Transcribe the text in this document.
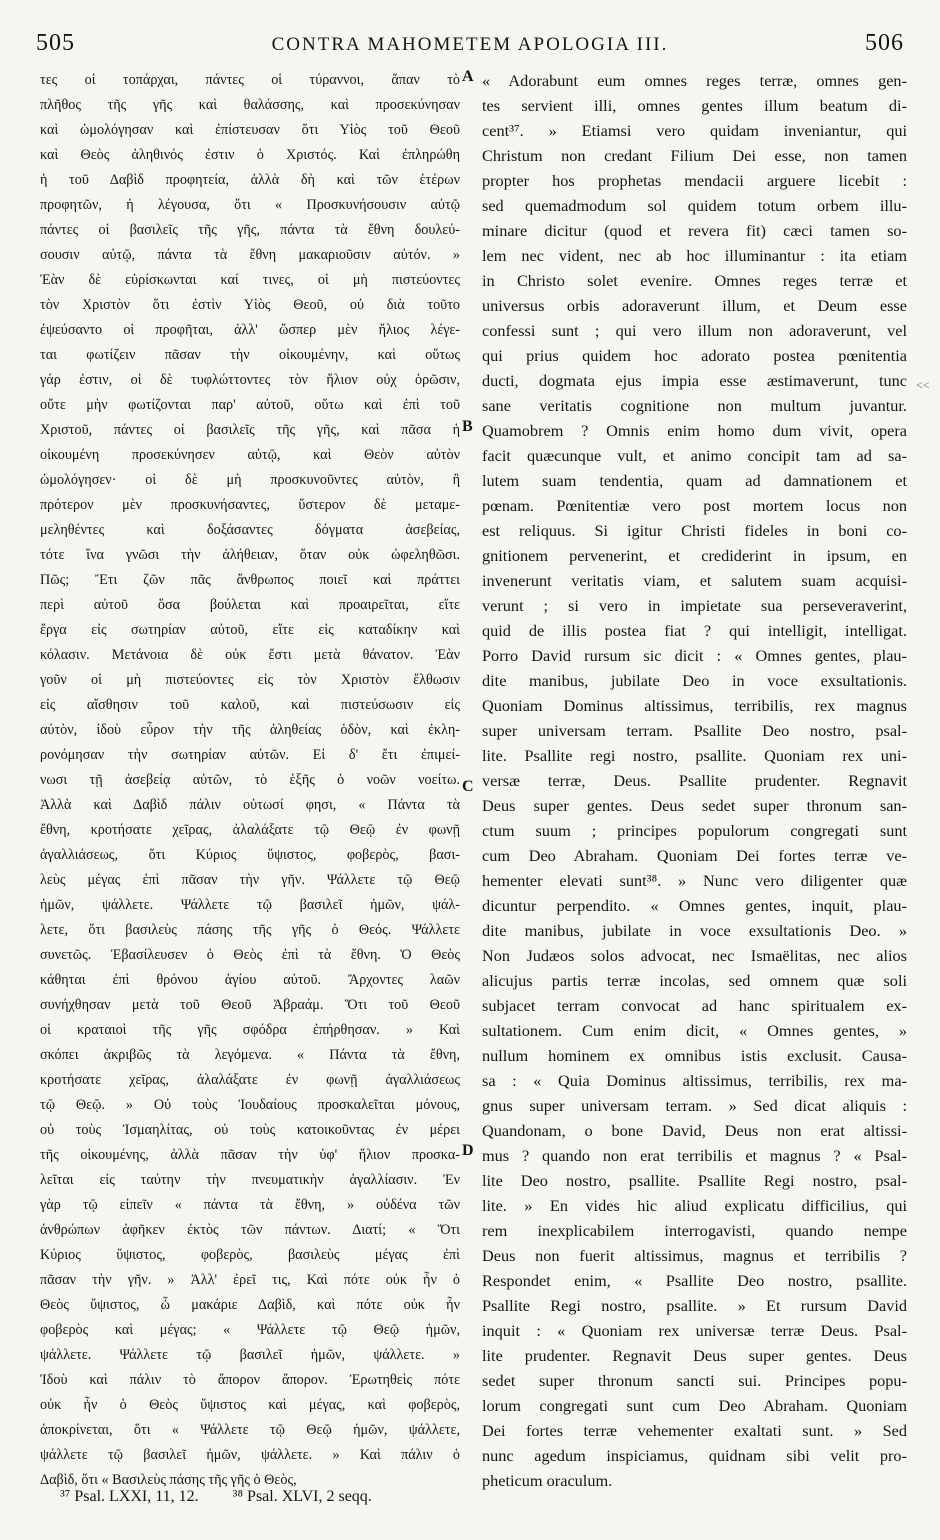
505	CONTRA MAHOMETEM APOLOGIA III.	506
τες οἱ τοπάρχαι, πάντες οἱ τύραννοι, ἅπαν τὸ
πλῆθος τῆς γῆς καὶ θαλάσσης, καὶ προσεκύνησαν
καὶ ὡμολόγησαν καὶ ἐπίστευσαν ὅτι Υἱὸς τοῦ Θεοῦ
καὶ Θεὸς ἀληθινός ἐστιν ὁ Χριστός. Καὶ ἐπληρώθη
ἡ τοῦ Δαβὶδ προφητεία, ἀλλὰ δὴ καὶ τῶν ἑτέρων
προφητῶν, ἡ λέγουσα, ὅτι « Προσκυνήσουσιν αὐτῷ
πάντες οἱ βασιλεῖς τῆς γῆς, πάντα τὰ ἔθνη δουλεύ-
σουσιν αὐτῷ, πάντα τὰ ἔθνη μακαριοῦσιν αὐτόν. »
Ἐὰν δὲ εὑρίσκωνται καί τινες, οἱ μὴ πιστεύοντες
τὸν Χριστὸν ὅτι ἐστὶν Υἱὸς Θεοῦ, οὐ διὰ τοῦτο
ἐψεύσαντο οἱ προφῆται, ἀλλ' ὥσπερ μὲν ἥλιος λέγε-
ται φωτίζειν πᾶσαν τὴν οἰκουμένην, καὶ οὕτως
γάρ ἐστιν, οἱ δὲ τυφλώττοντες τὸν ἥλιον οὐχ ὁρῶσιν,
οὔτε μὴν φωτίζονται παρ' αὐτοῦ, οὕτω καὶ ἐπὶ τοῦ
Χριστοῦ, πάντες οἱ βασιλεῖς τῆς γῆς, καὶ πᾶσα ἡ
οἰκουμένη προσεκύνησεν αὐτῷ, καὶ Θεὸν αὐτὸν
ὡμολόγησεν· οἱ δὲ μὴ προσκυνοῦντες αὐτὸν, ἢ
πρότερον μὲν προσκυνήσαντες, ὕστερον δὲ μεταμε-
μεληθέντες καὶ δοξάσαντες δόγματα ἀσεβείας,
τότε ἵνα γνῶσι τὴν ἀλήθειαν, ὅταν οὐκ ὠφεληθῶσι.
Πῶς; Ἔτι ζῶν πᾶς ἄνθρωπος ποιεῖ καὶ πράττει
περὶ αὐτοῦ ὅσα βούλεται καὶ προαιρεῖται, εἴτε
ἔργα εἰς σωτηρίαν αὐτοῦ, εἴτε εἰς καταδίκην καὶ
κόλασιν. Μετάνοια δὲ οὐκ ἔστι μετὰ θάνατον. Ἐὰν
γοῦν οἱ μὴ πιστεύοντες εἰς τὸν Χριστὸν ἔλθωσιν
εἰς αἴσθησιν τοῦ καλοῦ, καὶ πιστεύσωσιν εἰς
αὐτὸν, ἰδοὺ εὗρον τὴν τῆς ἀληθείας ὁδὸν, καὶ ἐκλη-
ρονόμησαν τὴν σωτηρίαν αὐτῶν. Εἰ δ' ἔτι ἐπιμεί-
νωσι τῇ ἀσεβείᾳ αὐτῶν, τὸ ἑξῆς ὁ νοῶν νοείτω.
Ἀλλὰ καὶ Δαβὶδ πάλιν οὑτωσί φησι, « Πάντα τὰ
ἔθνη, κροτήσατε χεῖρας, ἀλαλάξατε τῷ Θεῷ ἐν φωνῇ
ἀγαλλιάσεως, ὅτι Κύριος ὕψιστος, φοβερὸς, βασι-
λεὺς μέγας ἐπὶ πᾶσαν τὴν γῆν. Ψάλλετε τῷ Θεῷ
ἡμῶν, ψάλλετε. Ψάλλετε τῷ βασιλεῖ ἡμῶν, ψάλ-
λετε, ὅτι βασιλεὺς πάσης τῆς γῆς ὁ Θεός. Ψάλλετε
συνετῶς. Ἐβασίλευσεν ὁ Θεὸς ἐπὶ τὰ ἔθνη. Ὁ Θεὸς
κάθηται ἐπὶ θρόνου ἁγίου αὐτοῦ. Ἄρχοντες λαῶν
συνήχθησαν μετὰ τοῦ Θεοῦ Ἀβραάμ. Ὅτι τοῦ Θεοῦ
οἱ κραταιοὶ τῆς γῆς σφόδρα ἐπήρθησαν. » Καὶ
σκόπει ἀκριβῶς τὰ λεγόμενα. « Πάντα τὰ ἔθνη,
κροτήσατε χεῖρας, ἀλαλάξατε ἐν φωνῇ ἀγαλλιάσεως
τῷ Θεῷ. » Οὐ τοὺς Ἰουδαίους προσκαλεῖται μόνους,
οὐ τοὺς Ἰσμαηλίτας, οὐ τοὺς κατοικοῦντας ἐν μέρει
τῆς οἰκουμένης, ἀλλὰ πᾶσαν τὴν ὑφ' ἥλιον προσκα-
λεῖται εἰς ταύτην τὴν πνευματικὴν ἀγαλλίασιν. Ἐν
γὰρ τῷ εἰπεῖν « πάντα τὰ ἔθνη, » οὐδένα τῶν
ἀνθρώπων ἀφῆκεν ἐκτὸς τῶν πάντων. Διατί; « Ὅτι
Κύριος ὕψιστος, φοβερὸς, βασιλεὺς μέγας ἐπὶ
πᾶσαν τὴν γῆν. » Ἀλλ' ἐρεῖ τις, Καὶ πότε οὐκ ἦν ὁ
Θεὸς ὕψιστος, ὦ μακάριε Δαβὶδ, καὶ πότε οὐκ ἦν
φοβερὸς καὶ μέγας; « Ψάλλετε τῷ Θεῷ ἡμῶν,
ψάλλετε. Ψάλλετε τῷ βασιλεῖ ἡμῶν, ψάλλετε. »
Ἰδοὺ καὶ πάλιν τὸ ἄπορον ἄπορον. Ἐρωτηθεὶς πότε
οὐκ ἦν ὁ Θεὸς ὕψιστος καὶ μέγας, καὶ φοβερὸς,
ἀποκρίνεται, ὅτι « Ψάλλετε τῷ Θεῷ ἡμῶν, ψάλλετε,
ψάλλετε τῷ βασιλεῖ ἡμῶν, ψάλλετε. » Καὶ πάλιν ὁ
Δαβὶδ, ὅτι « Βασιλεὺς πάσης τῆς γῆς ὁ Θεὸς,
« Adorabunt eum omnes reges terræ, omnes gen-
tes servient illi, omnes gentes illum beatum di-
cent³⁷. » Etiamsi vero quidam inveniantur, qui
Christum non credant Filium Dei esse, non tamen
propter hos prophetas mendacii arguere licebit :
sed quemadmodum sol quidem totum orbem illu-
minare dicitur (quod et revera fit) cæci tamen so-
lem nec vident, nec ab hoc illuminantur : ita etiam
in Christo solet evenire. Omnes reges terræ et
universus orbis adoraverunt illum, et Deum esse
confessi sunt ; qui vero illum non adoraverunt, vel
qui prius quidem hoc adorato postea pœnitentia
ducti, dogmata ejus impia esse æstimaverunt, tunc
sane veritatis cognitione non multum juvantur.
Quamobrem ? Omnis enim homo dum vivit, opera
facit quæcunque vult, et animo concipit tam ad sa-
lutem suam tendentia, quam ad damnationem et
pœnam. Pœnitentiæ vero post mortem locus non
est reliquus. Si igitur Christi fideles in boni co-
gnitionem pervenerint, et crediderint in ipsum, en
invenerunt veritatis viam, et salutem suam acquisi-
verunt ; si vero in impietate sua perseveraverint,
quid de illis postea fiat ? qui intelligit, intelligat.
Porro David rursum sic dicit : « Omnes gentes, plau-
dite manibus, jubilate Deo in voce exsultationis.
Quoniam Dominus altissimus, terribilis, rex magnus
super universam terram. Psallite Deo nostro, psal-
lite. Psallite regi nostro, psallite. Quoniam rex uni-
versæ terræ, Deus. Psallite prudenter. Regnavit
Deus super gentes. Deus sedet super thronum san-
ctum suum ; principes populorum congregati sunt
cum Deo Abraham. Quoniam Dei fortes terræ ve-
hementer elevati sunt³⁸. » Nunc vero diligenter quæ
dicuntur perpendito. « Omnes gentes, inquit, plau-
dite manibus, jubilate in voce exsultationis Deo. »
Non Judæos solos advocat, nec Ismaëlitas, nec alios
alicujus partis terræ incolas, sed omnem quæ soli
subjacet terram convocat ad hanc spiritualem ex-
sultationem. Cum enim dicit, « Omnes gentes, »
nullum hominem ex omnibus istis exclusit. Causa-
sa : « Quia Dominus altissimus, terribilis, rex ma-
gnus super universam terram. » Sed dicat aliquis :
Quandonam, o bone David, Deus non erat altissi-
mus ? quando non erat terribilis et magnus ? « Psal-
lite Deo nostro, psallite. Psallite Regi nostro, psal-
lite. » En vides hic aliud explicatu difficilius, qui
rem inexplicabilem interrogavisti, quando nempe
Deus non fuerit altissimus, magnus et terribilis ?
Respondet enim, « Psallite Deo nostro, psallite.
Psallite Regi nostro, psallite. » Et rursum David
inquit : « Quoniam rex universæ terræ Deus. Psal-
lite prudenter. Regnavit Deus super gentes. Deus
sedet super thronum sancti sui. Principes popu-
lorum congregati sunt cum Deo Abraham. Quoniam
Dei fortes terræ vehementer exaltati sunt. » Sed
nunc agedum inspiciamus, quidnam sibi velit pro-
pheticum oraculum.
A
B
C
D
<<
³⁷ Psal. LXXI, 11, 12. ³⁸ Psal. XLVI, 2 seqq.
